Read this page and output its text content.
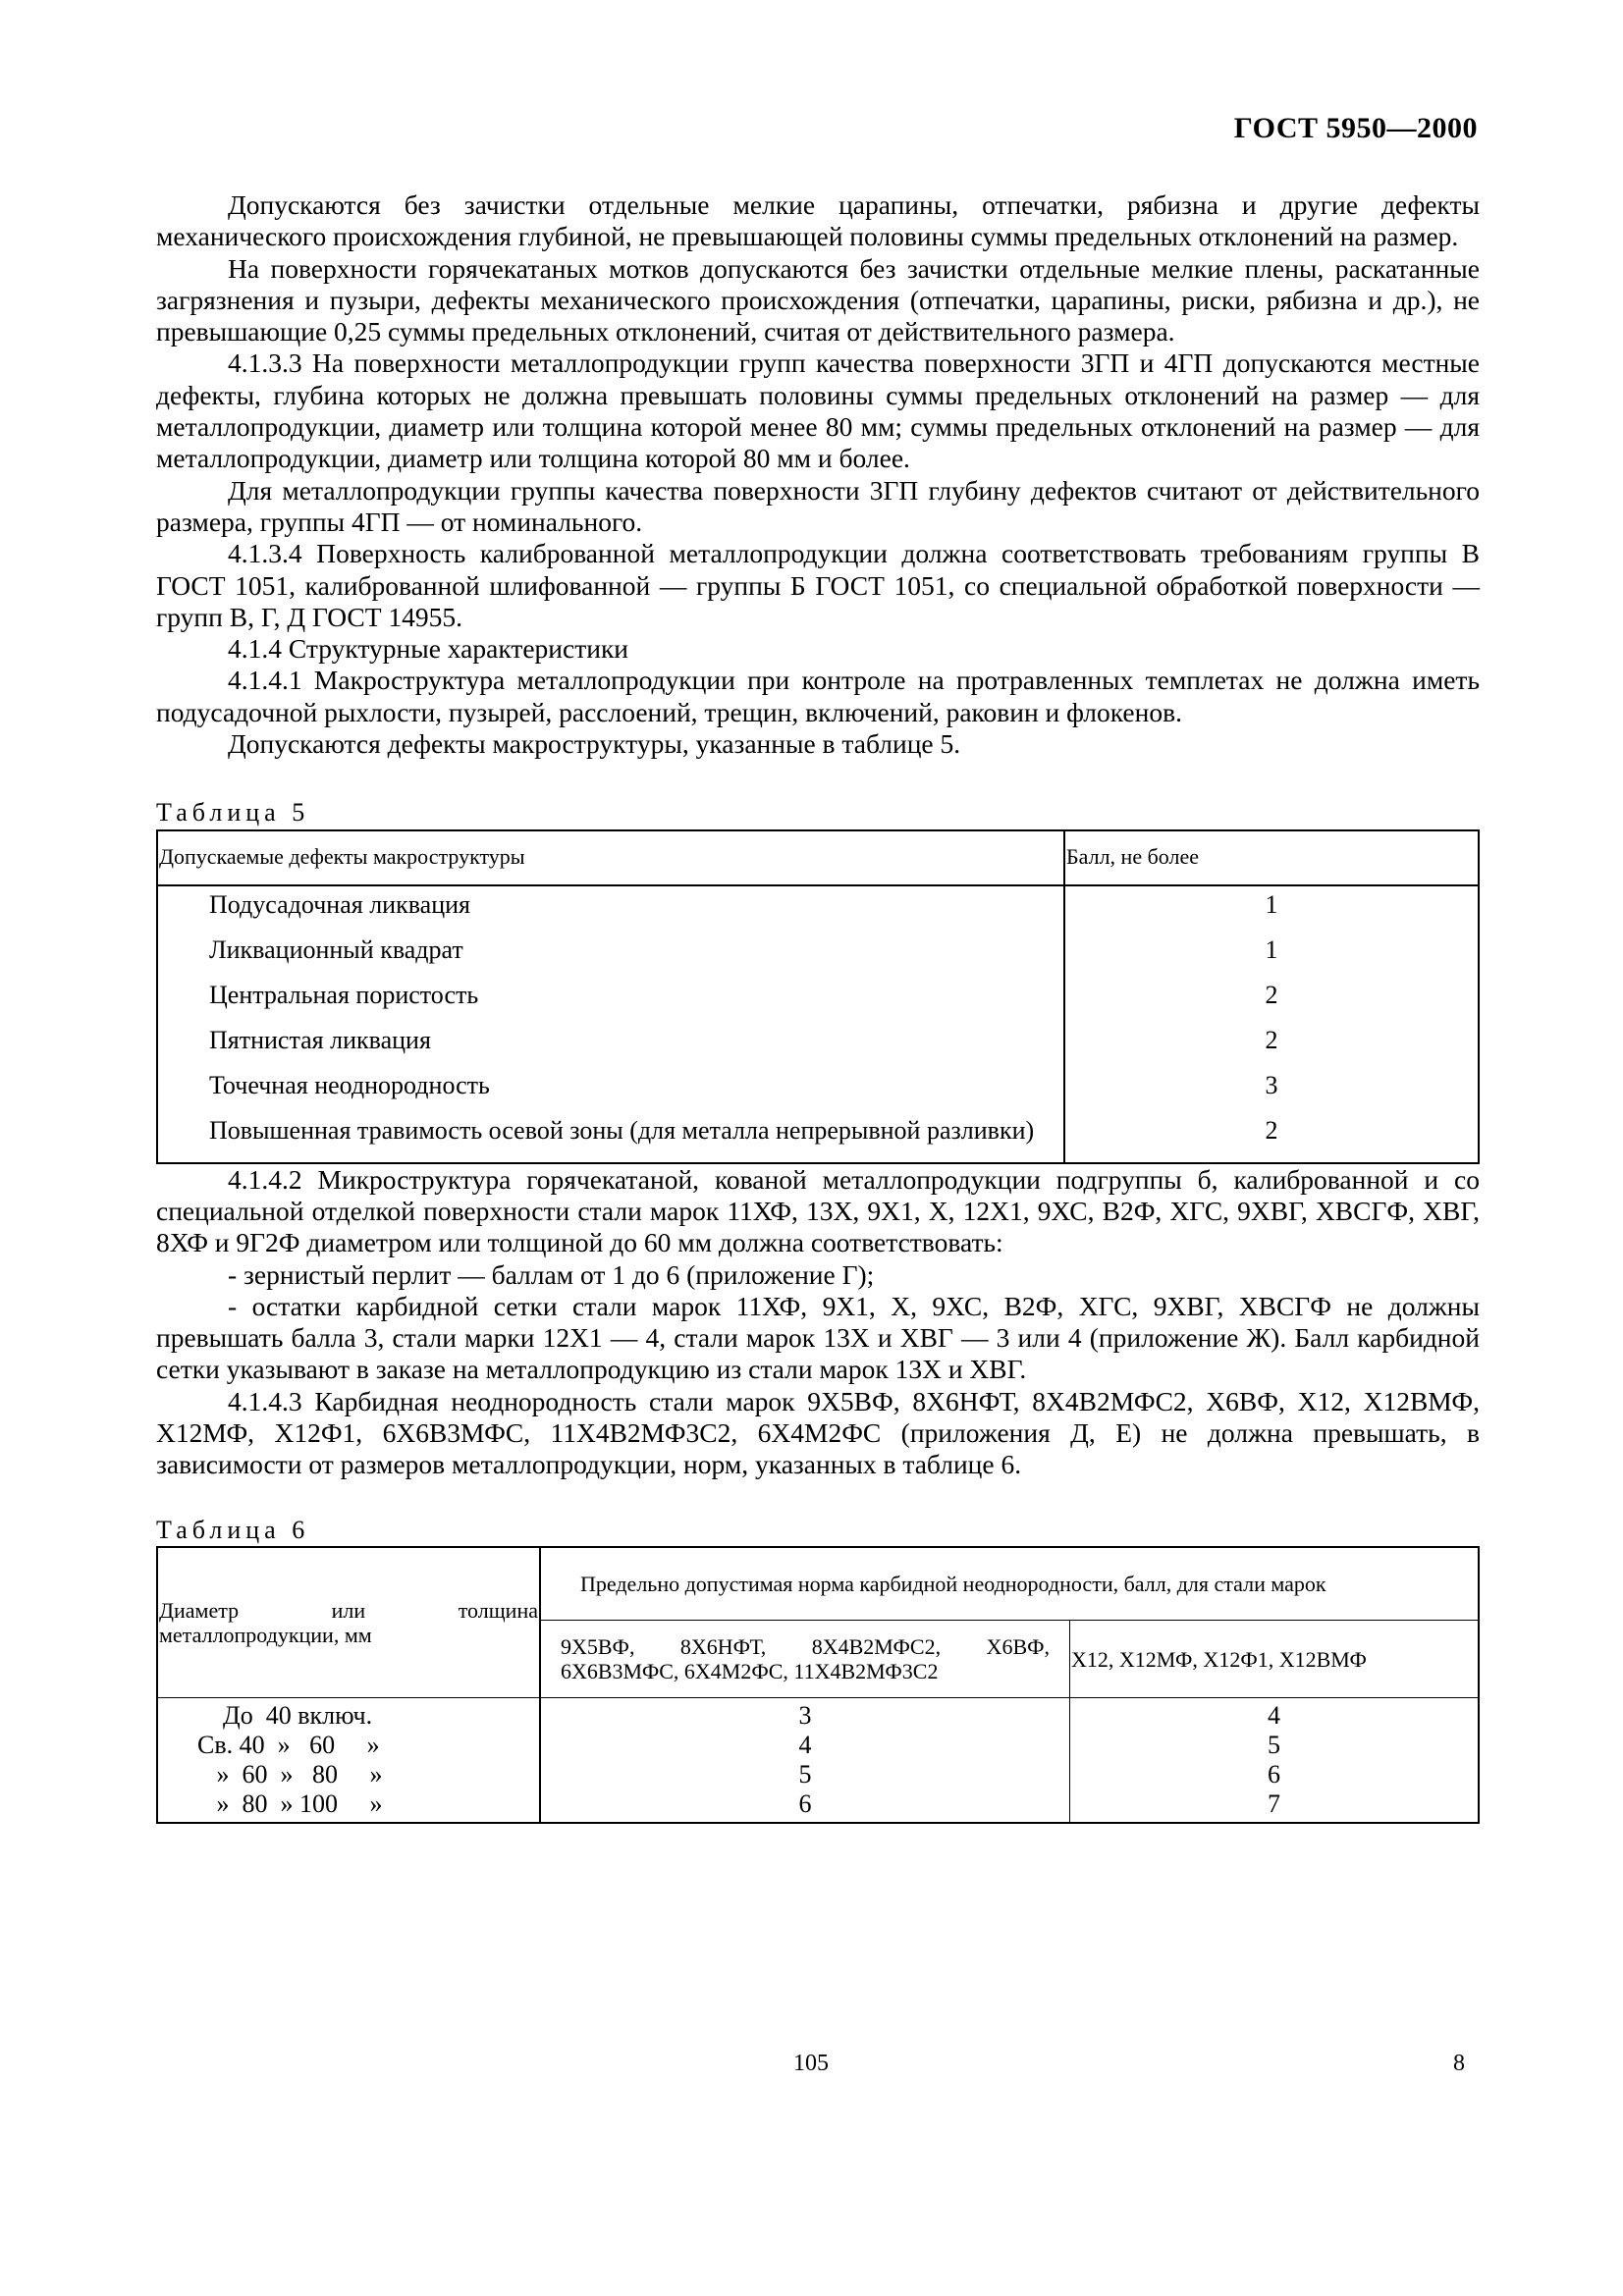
ГОСТ 5950—2000

Допускаются без зачистки отдельные мелкие царапины, отпечатки, рябизна и другие дефекты механического происхождения глубиной, не превышающей половины суммы предельных отклонений на размер.

На поверхности горячекатаных мотков допускаются без зачистки отдельные мелкие плены, раскатанные загрязнения и пузыри, дефекты механического происхождения (отпечатки, царапины, риски, рябизна и др.), не превышающие 0,25 суммы предельных отклонений, считая от действительного размера.

4.1.3.3 На поверхности металлопродукции групп качества поверхности 3ГП и 4ГП допускаются местные дефекты, глубина которых не должна превышать половины суммы предельных отклонений на размер — для металлопродукции, диаметр или толщина которой менее 80 мм; суммы предельных отклонений на размер — для металлопродукции, диаметр или толщина которой 80 мм и более.

Для металлопродукции группы качества поверхности 3ГП глубину дефектов считают от действительного размера, группы 4ГП — от номинального.

4.1.3.4 Поверхность калиброванной металлопродукции должна соответствовать требованиям группы В ГОСТ 1051, калиброванной шлифованной — группы Б ГОСТ 1051, со специальной обработкой поверхности — групп В, Г, Д ГОСТ 14955.

4.1.4 Структурные характеристики

4.1.4.1 Макроструктура металлопродукции при контроле на протравленных темплетах не должна иметь подусадочной рыхлости, пузырей, расслоений, трещин, включений, раковин и флокенов.

Допускаются дефекты макроструктуры, указанные в таблице 5.

Таблица 5

Допускаемые дефекты макроструктуры	Балл, не более
Подусадочная ликвация	1
Ликвационный квадрат	1
Центральная пористость	2
Пятнистая ликвация	2
Точечная неоднородность	3
Повышенная травимость осевой зоны (для металла непрерывной разливки)	2

4.1.4.2 Микроструктура горячекатаной, кованой металлопродукции подгруппы б, калиброванной и со специальной отделкой поверхности стали марок 11ХФ, 13Х, 9Х1, Х, 12Х1, 9ХС, В2Ф, ХГС, 9ХВГ, ХВСГФ, ХВГ, 8ХФ и 9Г2Ф диаметром или толщиной до 60 мм должна соответствовать:

- зернистый перлит — баллам от 1 до 6 (приложение Г);

- остатки карбидной сетки стали марок 11ХФ, 9Х1, Х, 9ХС, В2Ф, ХГС, 9ХВГ, ХВСГФ не должны превышать балла 3, стали марки 12Х1 — 4, стали марок 13Х и ХВГ — 3 или 4 (приложение Ж). Балл карбидной сетки указывают в заказе на металлопродукцию из стали марок 13Х и ХВГ.

4.1.4.3 Карбидная неоднородность стали марок 9Х5ВФ, 8Х6НФТ, 8Х4В2МФС2, Х6ВФ, Х12, Х12ВМФ, Х12МФ, Х12Ф1, 6Х6В3МФС, 11Х4В2МФ3С2, 6Х4М2ФС (приложения Д, Е) не должна превышать, в зависимости от размеров металлопродукции, норм, указанных в таблице 6.

Таблица 6

Диаметр или толщина металлопродукции, мм	Предельно допустимая норма карбидной неоднородности, балл, для стали марок	
	9Х5ВФ, 8Х6НФТ, 8Х4В2МФС2, Х6ВФ, 6Х6В3МФС, 6Х4М2ФС, 11Х4В2МФ3С2	Х12, Х12МФ, Х12Ф1, Х12ВМФ
До  40 включ.	3	4
Св. 40  »   60     »	4	5
»  60  »   80     »	5	6
»  80  » 100     »	6	7
105	8
